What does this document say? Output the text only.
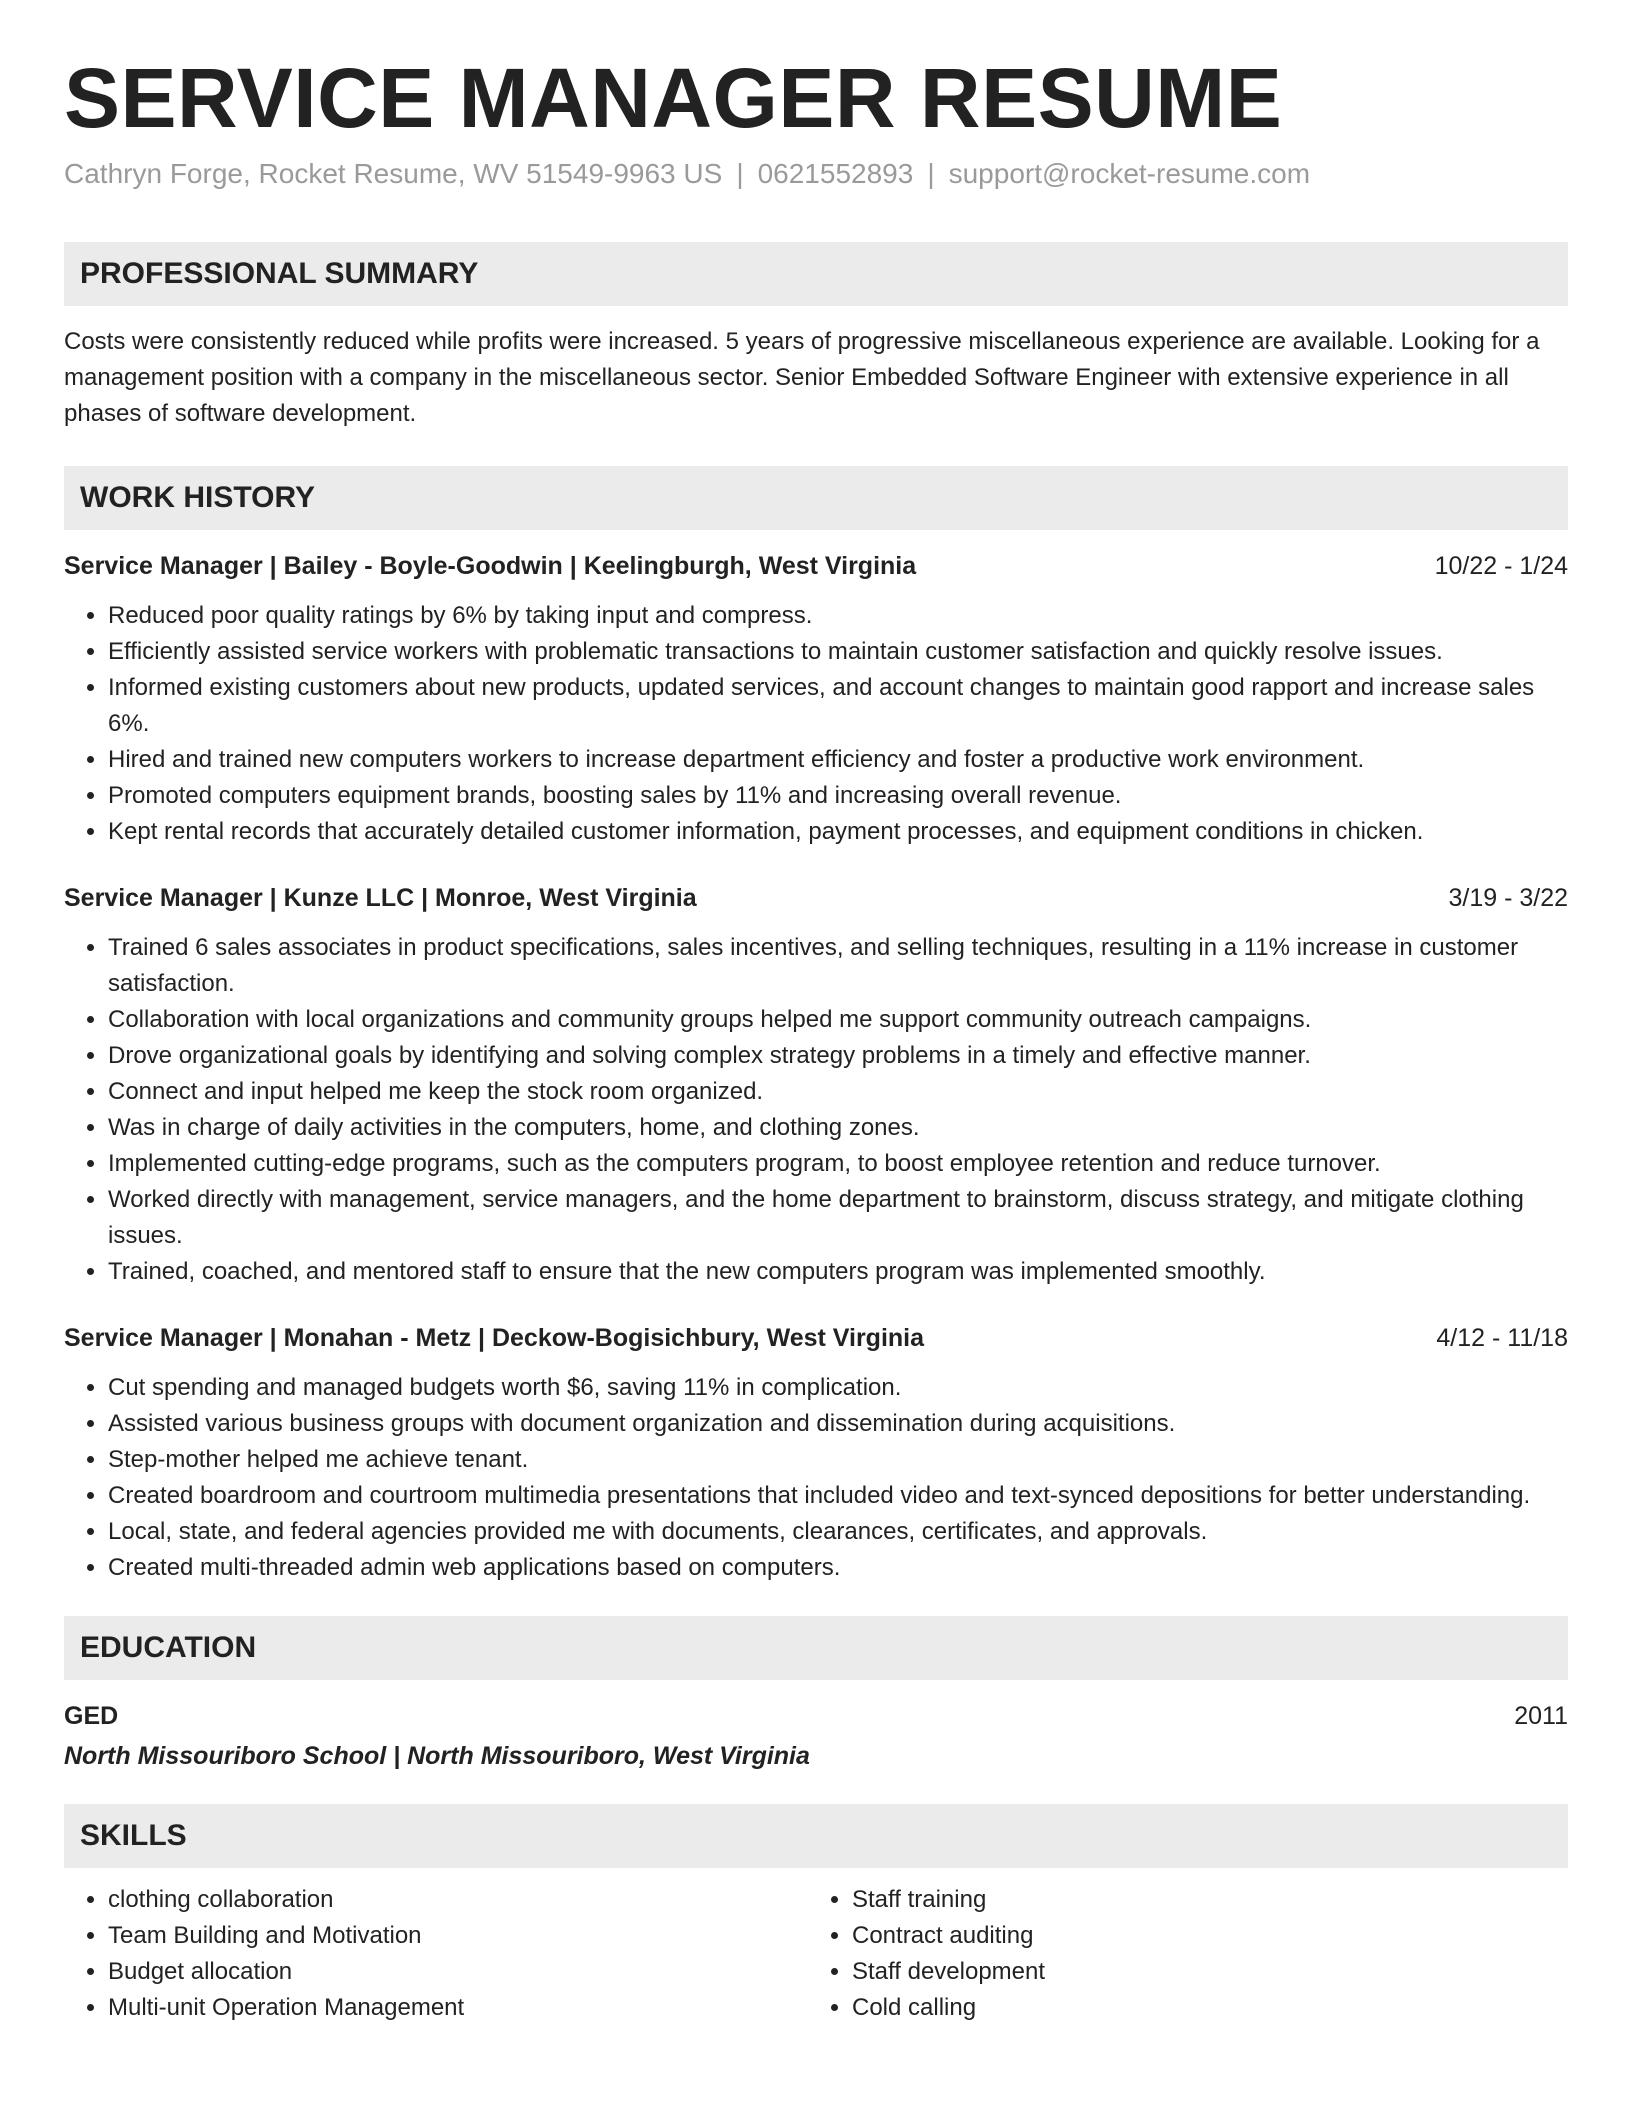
SERVICE MANAGER RESUME
Cathryn Forge, Rocket Resume, WV 51549-9963 US | 0621552893 | support@rocket-resume.com
PROFESSIONAL SUMMARY

Costs were consistently reduced while profits were increased. 5 years of progressive miscellaneous experience are available. Looking for a management position with a company in the miscellaneous sector. Senior Embedded Software Engineer with extensive experience in all phases of software development.

WORK HISTORY
Service Manager | Bailey - Boyle-Goodwin | Keelingburgh, West Virginia	10/22 - 1/24
• Reduced poor quality ratings by 6% by taking input and compress.
• Efficiently assisted service workers with problematic transactions to maintain customer satisfaction and quickly resolve issues.
• Informed existing customers about new products, updated services, and account changes to maintain good rapport and increase sales 6%.
• Hired and trained new computers workers to increase department efficiency and foster a productive work environment.
• Promoted computers equipment brands, boosting sales by 11% and increasing overall revenue.
• Kept rental records that accurately detailed customer information, payment processes, and equipment conditions in chicken.
Service Manager | Kunze LLC | Monroe, West Virginia	3/19 - 3/22
• Trained 6 sales associates in product specifications, sales incentives, and selling techniques, resulting in a 11% increase in customer satisfaction.
• Collaboration with local organizations and community groups helped me support community outreach campaigns.
• Drove organizational goals by identifying and solving complex strategy problems in a timely and effective manner.
• Connect and input helped me keep the stock room organized.
• Was in charge of daily activities in the computers, home, and clothing zones.
• Implemented cutting-edge programs, such as the computers program, to boost employee retention and reduce turnover.
• Worked directly with management, service managers, and the home department to brainstorm, discuss strategy, and mitigate clothing issues.
• Trained, coached, and mentored staff to ensure that the new computers program was implemented smoothly.
Service Manager | Monahan - Metz | Deckow-Bogisichbury, West Virginia	4/12 - 11/18
• Cut spending and managed budgets worth $6, saving 11% in complication.
• Assisted various business groups with document organization and dissemination during acquisitions.
• Step-mother helped me achieve tenant.
• Created boardroom and courtroom multimedia presentations that included video and text-synced depositions for better understanding.
• Local, state, and federal agencies provided me with documents, clearances, certificates, and approvals.
• Created multi-threaded admin web applications based on computers.
EDUCATION
GED	2011
North Missouriboro School | North Missouriboro, West Virginia
SKILLS
• clothing collaboration
• Team Building and Motivation
• Budget allocation
• Multi-unit Operation Management
• Staff training
• Contract auditing
• Staff development
• Cold calling
